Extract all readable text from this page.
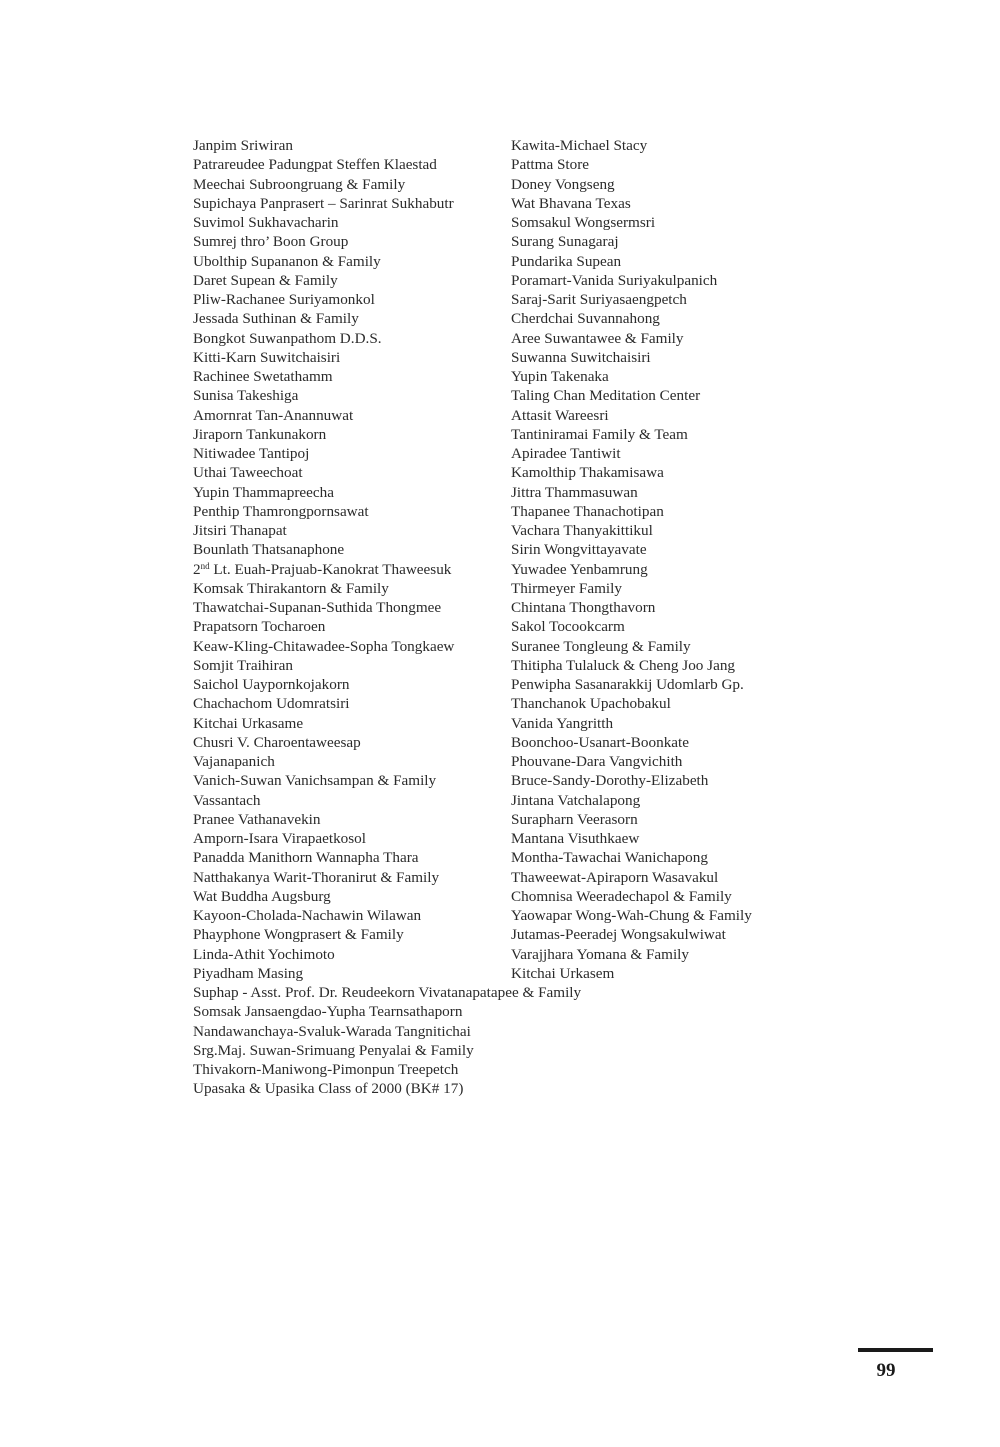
Janpim Sriwiran
Patrareudee Padungpat Steffen Klaestad
Meechai Subroongruang & Family
Supichaya Panprasert – Sarinrat Sukhabutr
Suvimol Sukhavacharin
Sumrej thro’ Boon Group
Ubolthip Supananon & Family
Daret Supean & Family
Pliw-Rachanee Suriyamonkol
Jessada Suthinan & Family
Bongkot Suwanpathom D.D.S.
Kitti-Karn Suwitchaisiri
Rachinee Swetathamm
Sunisa Takeshiga
Amornrat Tan-Anannuwat
Jiraporn Tankunakorn
Nitiwadee Tantipoj
Uthai Taweechoat
Yupin Thammapreecha
Penthip Thamrongpornsawat
Jitsiri Thanapat
Bounlath Thatsanaphone
2nd Lt. Euah-Prajuab-Kanokrat Thaweesuk
Komsak Thirakantorn & Family
Thawatchai-Supanan-Suthida Thongmee
Prapatsorn Tocharoen
Keaw-Kling-Chitawadee-Sopha Tongkaew
Somjit Traihiran
Saichol Uaypornkojakorn
Chachachom Udomratsiri
Kitchai Urkasame
Chusri V. Charoentaweesap
Vajanapanich
Vanich-Suwan Vanichsampan & Family
Vassantach
Pranee Vathanavekin
Amporn-Isara Virapaetkosol
Panadda Manithorn Wannapha Thara
Natthakanya Warit-Thoranirut & Family
Wat Buddha Augsburg
Kayoon-Cholada-Nachawin Wilawan
Phayphone Wongprasert & Family
Linda-Athit Yochimoto
Piyadham Masing
Kawita-Michael Stacy
Pattma Store
Doney Vongseng
Wat Bhavana Texas
Somsakul Wongsermsri
Surang Sunagaraj
Pundarika Supean
Poramart-Vanida Suriyakulpanich
Saraj-Sarit Suriyasaengpetch
Cherdchai Suvannahong
Aree Suwantawee & Family
Suwanna Suwitchaisiri
Yupin Takenaka
Taling Chan Meditation Center
Attasit Wareesri
Tantiniramai Family & Team
Apiradee Tantiwit
Kamolthip Thakamisawa
Jittra Thammasuwan
Thapanee Thanachotipan
Vachara Thanyakittikul
Sirin Wongvittayavate
Yuwadee Yenbamrung
Thirmeyer Family
Chintana Thongthavorn
Sakol Tocookcarm
Suranee Tongleung & Family
Thitipha Tulaluck & Cheng Joo Jang
Penwipha Sasanarakkij Udomlarb Gp.
Thanchanok Upachobakul
Vanida Yangritth
Boonchoo-Usanart-Boonkate
Phouvane-Dara Vangvichith
Bruce-Sandy-Dorothy-Elizabeth
Jintana Vatchalapong
Surapharn Veerasorn
Mantana Visuthkaew
Montha-Tawachai Wanichapong
Thaweewat-Apiraporn Wasavakul
Chomnisa Weeradechapol & Family
Yaowapar Wong-Wah-Chung & Family
Jutamas-Peeradej Wongsakulwiwat
Varajjhara Yomana & Family
Kitchai Urkasem
Suphap - Asst. Prof. Dr. Reudeekorn Vivatanapatapee & Family
Somsak Jansaengdao-Yupha Tearnsathaporn
Nandawanchaya-Svaluk-Warada Tangnitichai
Srg.Maj. Suwan-Srimuang Penyalai & Family
Thivakorn-Maniwong-Pimonpun Treepetch
Upasaka & Upasika Class of 2000 (BK# 17)
99
